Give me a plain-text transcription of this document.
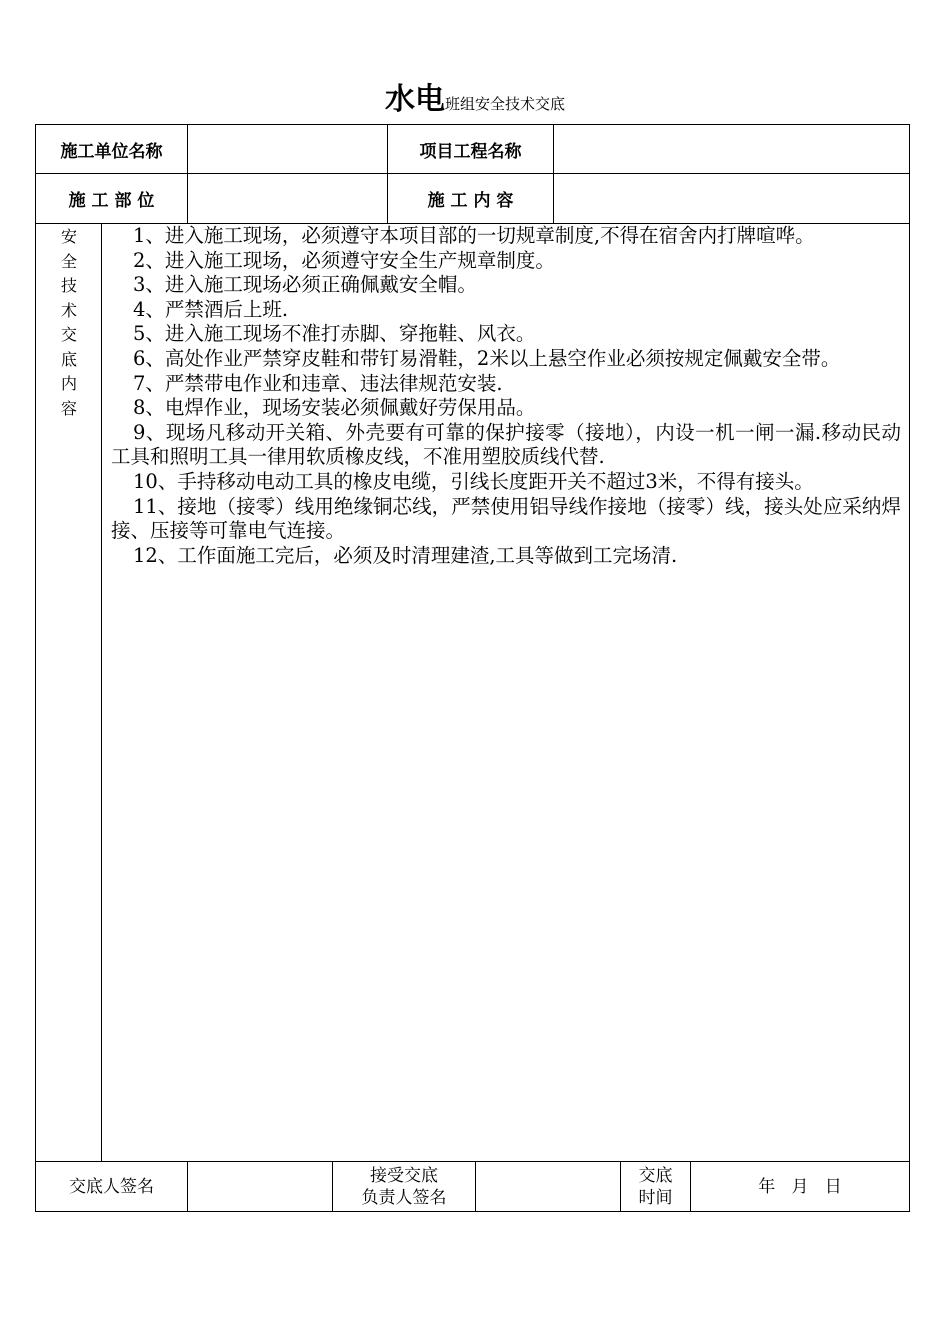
水电班组安全技术交底
施工单位名称	项目工程名称
施 工 部 位	施 工 内 容
安
全
技
术
交
底
内
容

1、进入施工现场，必须遵守本项目部的一切规章制度,不得在宿舍内打牌喧哗。

2、进入施工现场，必须遵守安全生产规章制度。

3、进入施工现场必须正确佩戴安全帽。

4、严禁酒后上班.

5、进入施工现场不准打赤脚、穿拖鞋、风衣。

6、高处作业严禁穿皮鞋和带钉易滑鞋，2米以上悬空作业必须按规定佩戴安全带。

7、严禁带电作业和违章、违法律规范安装.

8、电焊作业，现场安装必须佩戴好劳保用品。

9、现场凡移动开关箱、外壳要有可靠的保护接零（接地），内设一机一闸一漏.移动民动工具和照明工具一律用软质橡皮线，不准用塑胶质线代替.

10、手持移动电动工具的橡皮电缆，引线长度距开关不超过3米，不得有接头。

11、接地（接零）线用绝缘铜芯线，严禁使用铝导线作接地（接零）线，接头处应采纳焊接、压接等可靠电气连接。

12、工作面施工完后，必须及时清理建渣,工具等做到工完场清.

交底人签名
接受交底
负责人签名
交底
时间
年   月   日
